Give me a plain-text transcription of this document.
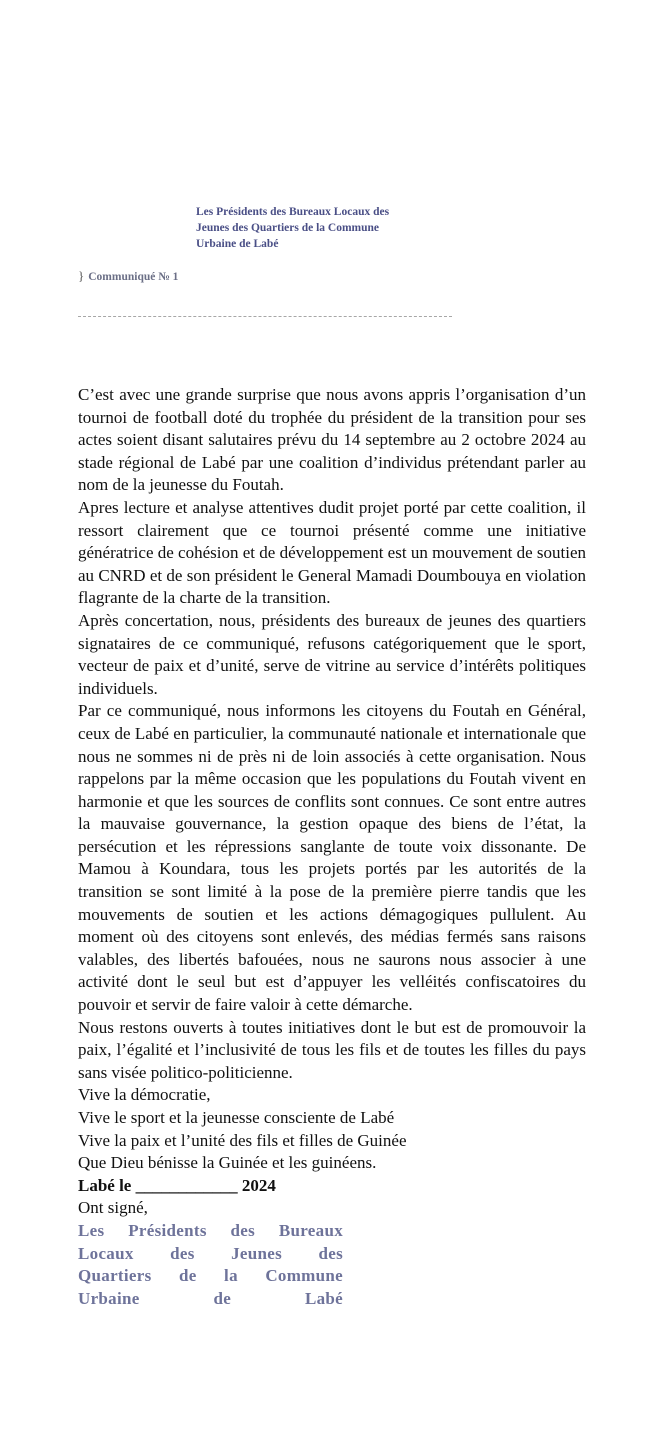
Les Présidents des Bureaux Locaux des
Jeunes des Quartiers de la Commune
Urbaine de Labé
} Communiqué № 1

C’est avec une grande surprise que nous avons appris l’organisation d’un tournoi de football doté du trophée du président de la transition pour ses actes soient disant salutaires prévu du 14 septembre au 2 octobre 2024 au stade régional de Labé par une coalition d’individus prétendant parler au nom de la jeunesse du Foutah.

Apres lecture et analyse attentives dudit projet porté par cette coalition, il ressort clairement que ce tournoi présenté comme une initiative génératrice de cohésion et de développement est un mouvement de soutien au CNRD et de son président le General Mamadi Doumbouya en violation flagrante de la charte de la transition.

Après concertation, nous, présidents des bureaux de jeunes des quartiers signataires de ce communiqué, refusons catégoriquement que le sport, vecteur de paix et d’unité, serve de vitrine au service d’intérêts politiques individuels.

Par ce communiqué, nous informons les citoyens du Foutah en Général, ceux de Labé en particulier, la communauté nationale et internationale que nous ne sommes ni de près ni de loin associés à cette organisation. Nous rappelons par la même occasion que les populations du Foutah vivent en harmonie et que les sources de conflits sont connues. Ce sont entre autres la mauvaise gouvernance, la gestion opaque des biens de l’état, la persécution et les répressions sanglante de toute voix dissonante. De Mamou à Koundara, tous les projets portés par les autorités de la transition se sont limité à la pose de la première pierre tandis que les mouvements de soutien et les actions démagogiques pullulent. Au moment où des citoyens sont enlevés, des médias fermés sans raisons valables, des libertés bafouées, nous ne saurons nous associer à une activité dont le seul but est d’appuyer les velléités confiscatoires du pouvoir et servir de faire valoir à cette démarche.

Nous restons ouverts à toutes initiatives dont le but est de promouvoir la paix, l’égalité et l’inclusivité de tous les fils et de toutes les filles du pays sans visée politico-politicienne.

Vive la démocratie,

Vive le sport et la jeunesse consciente de Labé

Vive la paix et l’unité des fils et filles de Guinée

Que Dieu bénisse la Guinée et les guinéens.

Labé le ____________ 2024

Ont signé,

Les Présidents des Bureaux
Locaux des Jeunes des
Quartiers de la Commune
Urbaine de Labé
